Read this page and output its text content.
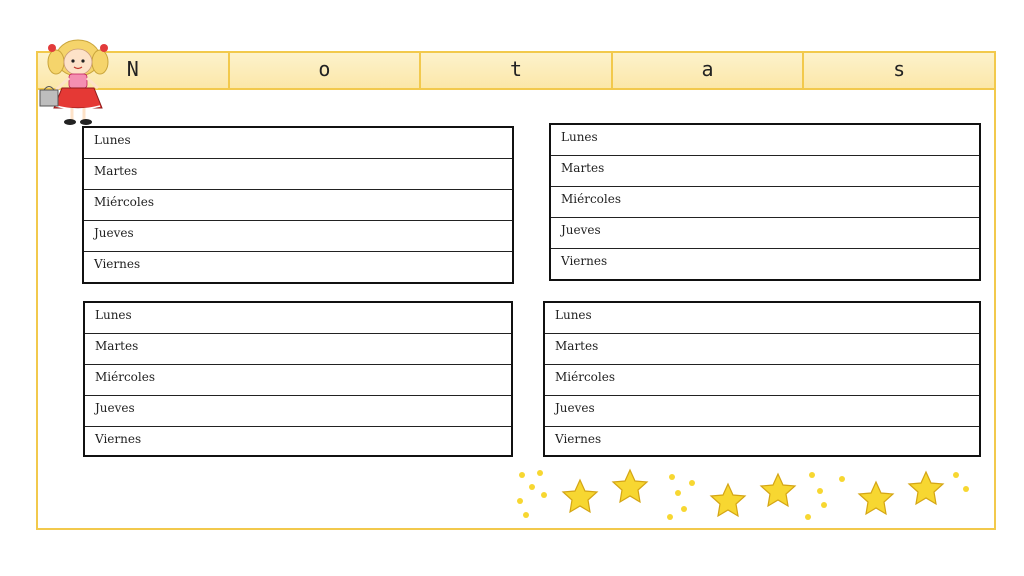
N	o	t	a	s
Lunes
Martes
Miércoles
Jueves
Viernes
Lunes
Martes
Miércoles
Jueves
Viernes
Lunes
Martes
Miércoles
Jueves
Viernes
Lunes
Martes
Miércoles
Jueves
Viernes
